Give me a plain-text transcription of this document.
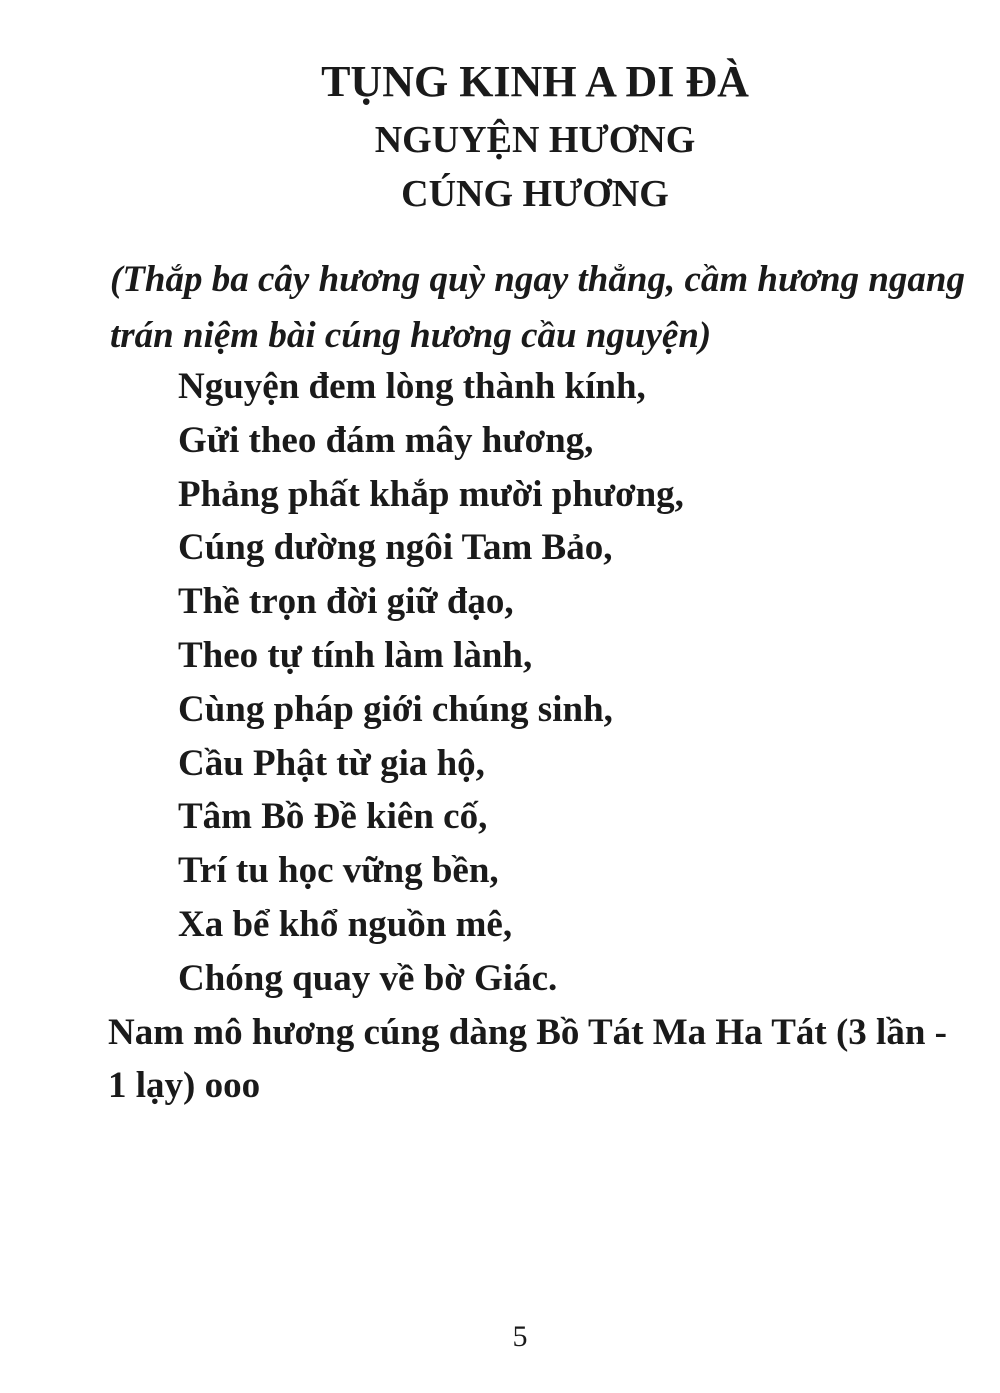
TỤNG KINH A DI ĐÀ
NGUYỆN HƯƠNG
CÚNG HƯƠNG

(Thắp ba cây hương quỳ ngay thẳng, cầm hương ngang trán niệm bài cúng hương cầu nguyện)

Nguyện đem lòng thành kính,
Gửi theo đám mây hương,
Phảng phất khắp mười phương,
Cúng dường ngôi Tam Bảo,
Thề trọn đời giữ đạo,
Theo tự tính làm lành,
Cùng pháp giới chúng sinh,
Cầu Phật từ gia hộ,
Tâm Bồ Đề kiên cố,
Trí tu học vững bền,
Xa bể khổ nguồn mê,
Chóng quay về bờ Giác.

Nam mô hương cúng dàng Bồ Tát Ma Ha Tát (3 lần - 1 lạy) ooo

5
